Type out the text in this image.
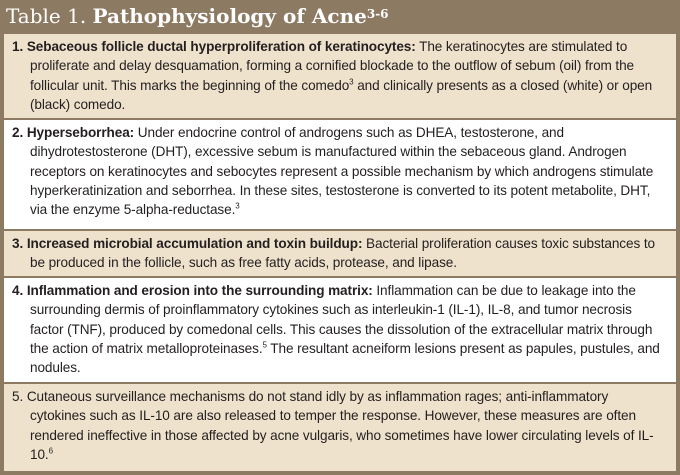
Table 1. Pathophysiology of Acne$^{3-6}$
1. Sebaceous follicle ductal hyperproliferation of keratinocytes: The keratinocytes are stimulated to proliferate and delay desquamation, forming a cornified blockade to the outflow of sebum (oil) from the follicular unit. This marks the beginning of the comedo$^3$ and clinically presents as a closed (white) or open (black) comedo.
2. Hyperseborrhea: Under endocrine control of androgens such as DHEA, testosterone, and dihydrotestosterone (DHT), excessive sebum is manufactured within the sebaceous gland. Androgen receptors on keratinocytes and sebocytes represent a possible mechanism by which androgens stimulate hyperkeratinization and seborrhea. In these sites, testosterone is converted to its potent metabolite, DHT, via the enzyme 5-alpha-reductase.$^3$
3. Increased microbial accumulation and toxin buildup: Bacterial proliferation causes toxic substances to be produced in the follicle, such as free fatty acids, protease, and lipase.
4. Inflammation and erosion into the surrounding matrix: Inflammation can be due to leakage into the surrounding dermis of proinflammatory cytokines such as interleukin-1 (IL-1), IL-8, and tumor necrosis factor (TNF), produced by comedonal cells. This causes the dissolution of the extracellular matrix through the action of matrix metalloproteinases.$^5$ The resultant acneiform lesions present as papules, pustules, and nodules.
5. Cutaneous surveillance mechanisms do not stand idly by as inflammation rages; anti-inflammatory cytokines such as IL-10 are also released to temper the response. However, these measures are often rendered ineffective in those affected by acne vulgaris, who sometimes have lower circulating levels of IL-10.$^6$
